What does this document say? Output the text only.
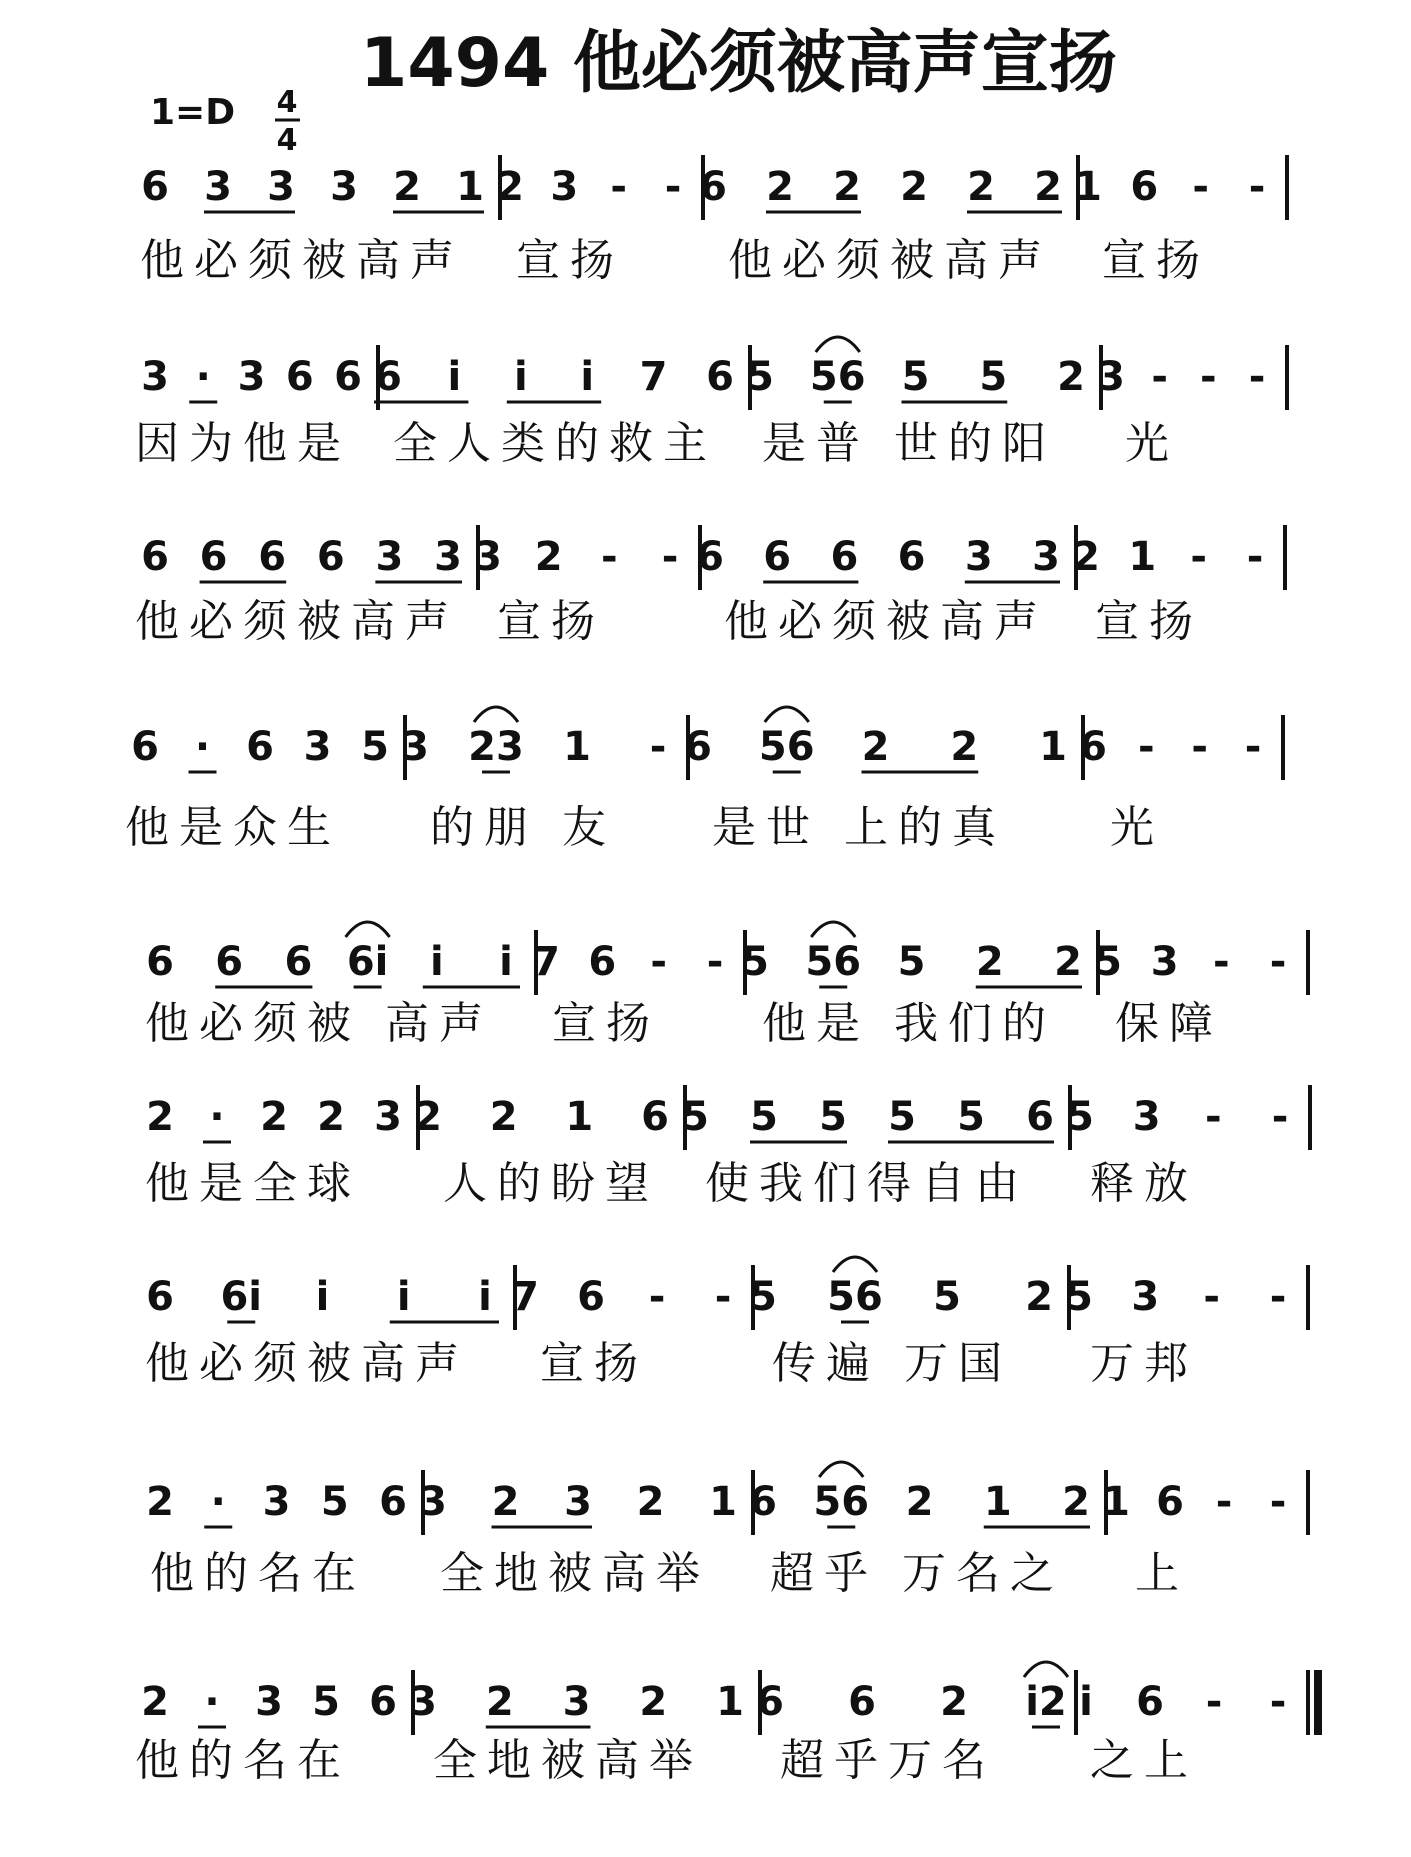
1494 他必须被高声宣扬
1=D 4
4
6 3 3 3 2 1 2 3 - - 6 2 2 2 2 2 1 6 - -
他必须被高声 宣扬 他必须被高声 宣扬
3 · 3 6 6 6 i i i 7 6 5 56 5 5 2 3 - - -
因为他是 全人类的救主 是普 世的阳 光
6 6 6 6 3 3 3 2 - - 6 6 6 6 3 3 2 1 - -
他必须被高声 宣扬	他必须被高声 宣扬
6 · 6 3 5 3 23 1 - 6 56 2 2 1 6 - - -
他是众生 的朋 友 是世 上的真 光
6 6 6 6i i i 7 6 - - 5 56 5 2 2 5 3 - -
他必须被 高声 宣扬 他是 我们的 保障
2 · 2 2 3 2 2 1 6 5 5 5 5 5 6 5 3 - -
他是全球 人的盼望 使我们得自由 释放
6 6i i i i 7 6 - - 5 56 5 2 5 3 - -
他必须被高声 宣扬	传遍 万国 万邦
2 · 3 5 6 3 2 3 2 1 6 56 2 1 2 1 6 - -
他的名在 全地被高举 超乎 万名之 上
2 · 3 5 6 3 2 3 2 1 6 6 2 i2 i 6 - -
他的名在 全地被高举 超乎万名 之上
